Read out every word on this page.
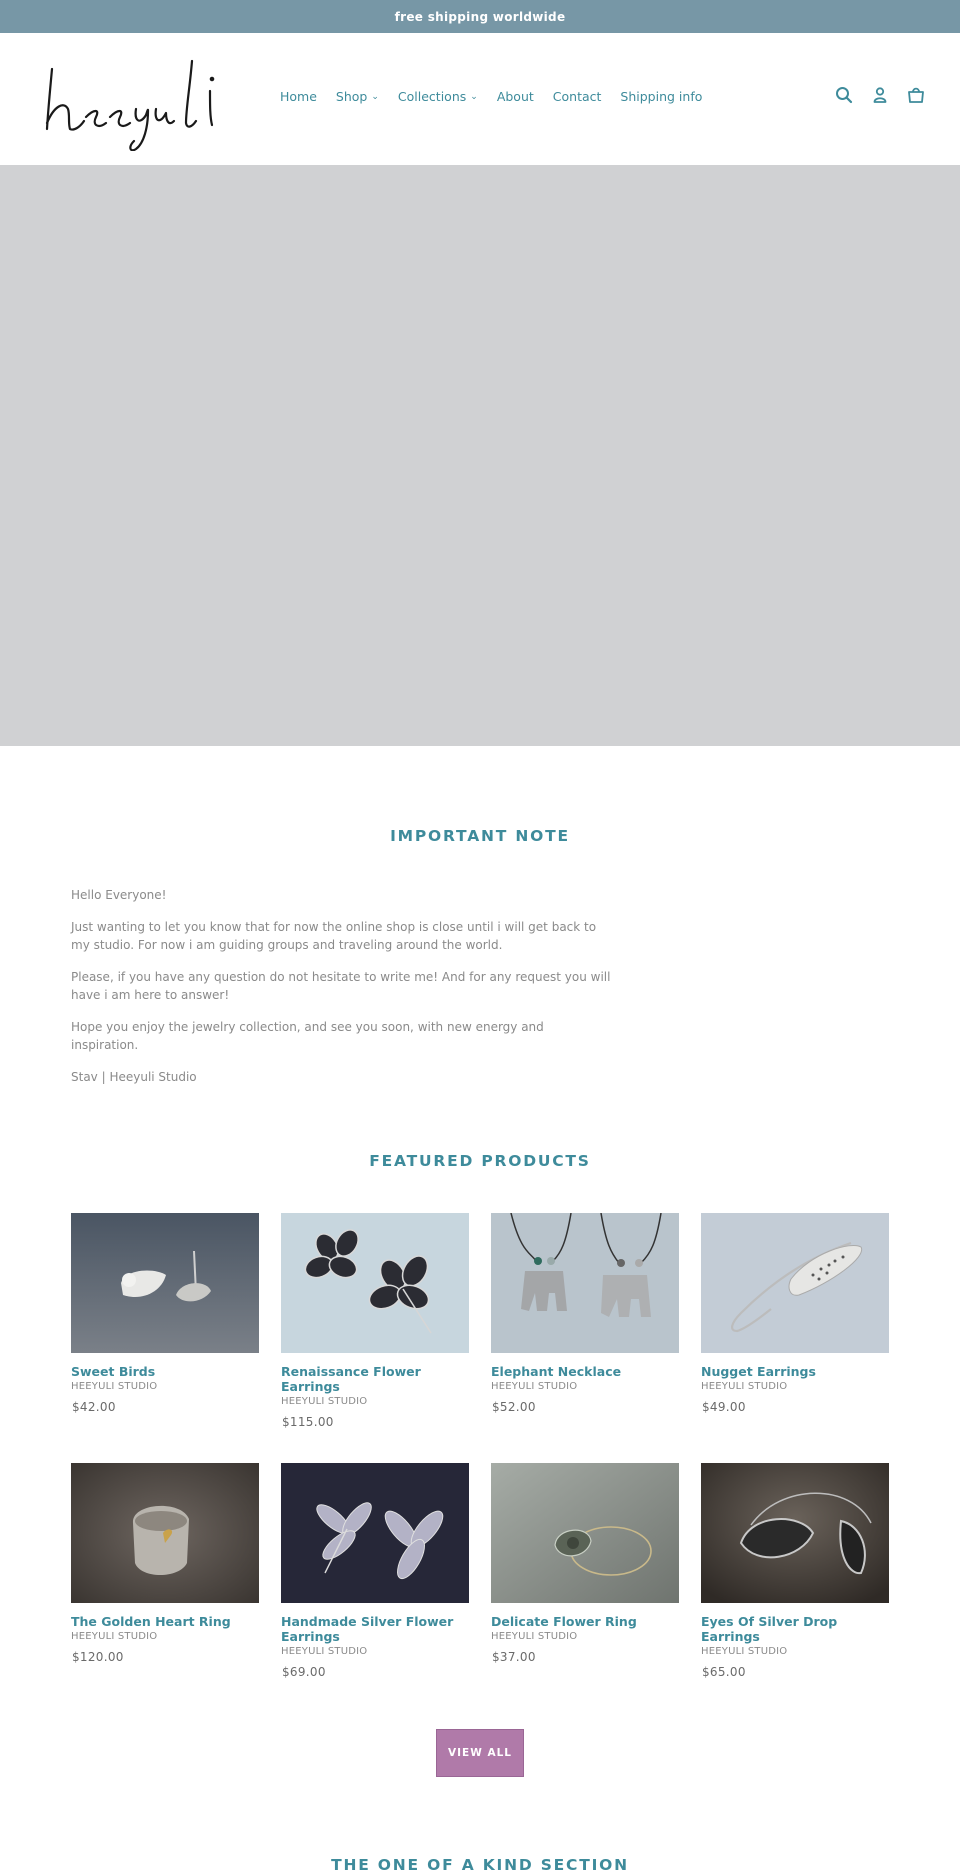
free shipping worldwide
Home Shop ⌄ Collections ⌄ About Contact Shipping info
IMPORTANT NOTE

Hello Everyone!

Just wanting to let you know that for now the online shop is close until i will get back to my studio. For now i am guiding groups and traveling around the world.

Please, if you have any question do not hesitate to write me! And for any request you will have i am here to answer!

Hope you enjoy the jewelry collection, and see you soon, with new energy and inspiration.

Stav | Heeyuli Studio

FEATURED PRODUCTS
Sweet Birds
HEEYULI STUDIO
$42.00
Renaissance Flower Earrings
HEEYULI STUDIO
$115.00
Elephant Necklace
HEEYULI STUDIO
$52.00
Nugget Earrings
HEEYULI STUDIO
$49.00
The Golden Heart Ring
HEEYULI STUDIO
$120.00
Handmade Silver Flower Earrings
HEEYULI STUDIO
$69.00
Delicate Flower Ring
HEEYULI STUDIO
$37.00
Eyes Of Silver Drop Earrings
HEEYULI STUDIO
$65.00
VIEW ALL
THE ONE OF A KIND SECTION
